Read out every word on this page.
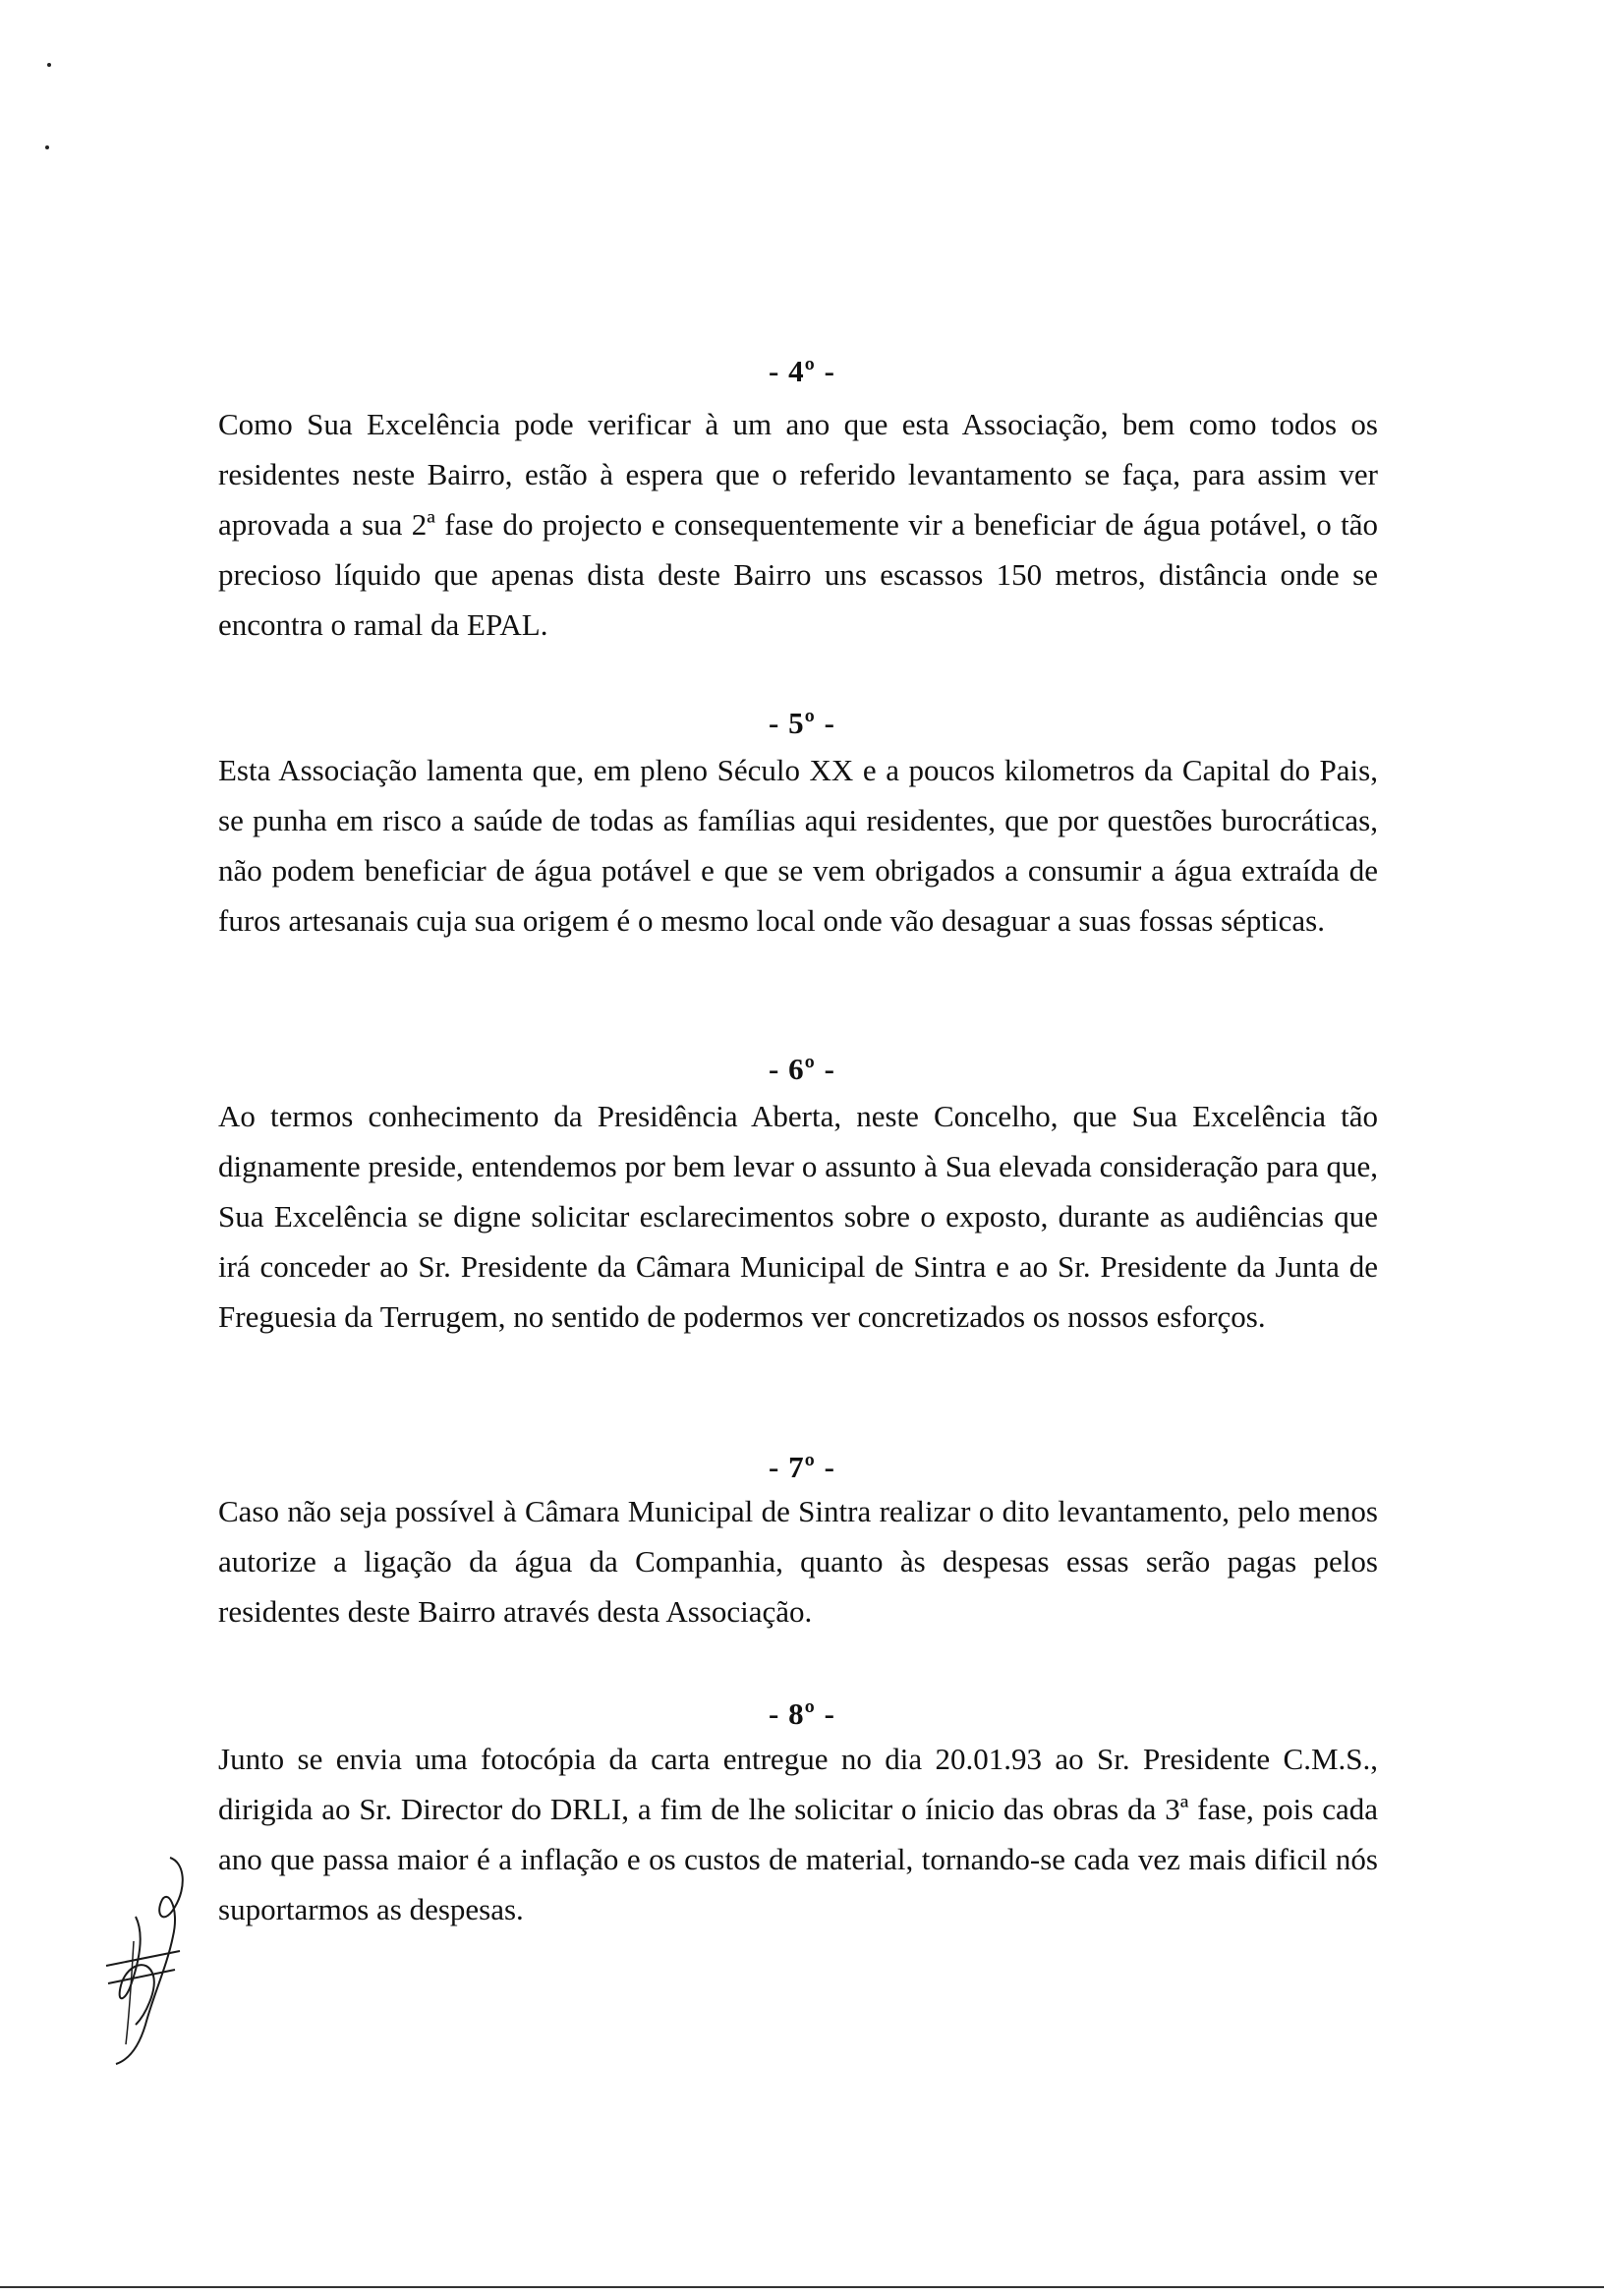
- 4º -
Como Sua Excelência pode verificar à um ano que esta Associação, bem como todos os residentes neste Bairro, estão à espera que o referido levantamento se faça, para assim ver aprovada a sua 2ª fase do projecto e consequentemente vir a beneficiar de água potável, o tão precioso líquido que apenas dista deste Bairro uns escassos 150 metros, distância onde se encontra o ramal da EPAL.
- 5º -
Esta Associação lamenta que, em pleno Século XX e a poucos kilometros da Capital do Pais, se punha em risco a saúde de todas as famílias aqui residentes, que por questões burocráticas, não podem beneficiar de água potável e que se vem obrigados a consumir a água extraída de furos artesanais cuja sua origem é o mesmo local onde vão desaguar a suas fossas sépticas.
- 6º -
Ao termos conhecimento da Presidência Aberta, neste Concelho, que Sua Excelência tão dignamente preside, entendemos por bem levar o assunto à Sua elevada consideração para que, Sua Excelência se digne solicitar esclarecimentos sobre o exposto, durante as audiências que irá conceder ao Sr. Presidente da Câmara Municipal de Sintra e ao Sr. Presidente da Junta de Freguesia da Terrugem, no sentido de podermos ver concretizados os nossos esforços.
- 7º -
Caso não seja possível à Câmara Municipal de Sintra realizar o dito levantamento, pelo menos autorize a ligação da água da Companhia, quanto às despesas essas serão pagas pelos residentes deste Bairro através desta Associação.
- 8º -
Junto se envia uma fotocópia da carta entregue no dia 20.01.93 ao Sr. Presidente C.M.S., dirigida ao Sr. Director do DRLI, a fim de lhe solicitar o ínicio das obras da 3ª fase, pois cada ano que passa maior é a inflação e os custos de material, tornando-se cada vez mais dificil nós suportarmos as despesas.
